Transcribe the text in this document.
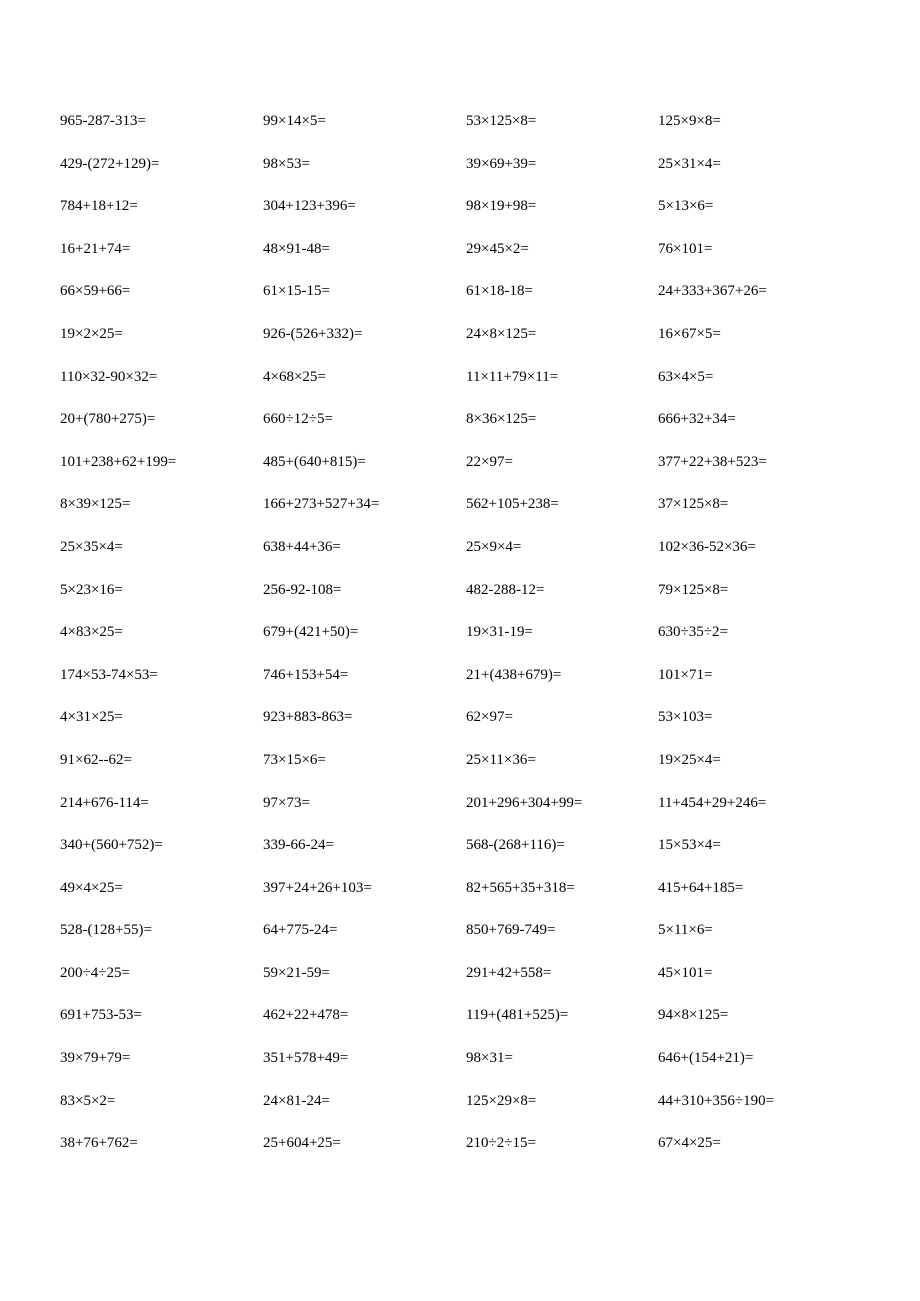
965-287-313=	99×14×5=	53×125×8=	125×9×8=
429-(272+129)=	98×53=	39×69+39=	25×31×4=
784+18+12=	304+123+396=	98×19+98=	5×13×6=
16+21+74=	48×91-48=	29×45×2=	76×101=
66×59+66=	61×15-15=	61×18-18=	24+333+367+26=
19×2×25=	926-(526+332)=	24×8×125=	16×67×5=
110×32-90×32=	4×68×25=	11×11+79×11=	63×4×5=
20+(780+275)=	660÷12÷5=	8×36×125=	666+32+34=
101+238+62+199=	485+(640+815)=	22×97=	377+22+38+523=
8×39×125=	166+273+527+34=	562+105+238=	37×125×8=
25×35×4=	638+44+36=	25×9×4=	102×36-52×36=
5×23×16=	256-92-108=	482-288-12=	79×125×8=
4×83×25=	679+(421+50)=	19×31-19=	630÷35÷2=
174×53-74×53=	746+153+54=	21+(438+679)=	101×71=
4×31×25=	923+883-863=	62×97=	53×103=
91×62--62=	73×15×6=	25×11×36=	19×25×4=
214+676-114=	97×73=	201+296+304+99=	11+454+29+246=
340+(560+752)=	339-66-24=	568-(268+116)=	15×53×4=
49×4×25=	397+24+26+103=	82+565+35+318=	415+64+185=
528-(128+55)=	64+775-24=	850+769-749=	5×11×6=
200÷4÷25=	59×21-59=	291+42+558=	45×101=
691+753-53=	462+22+478=	119+(481+525)=	94×8×125=
39×79+79=	351+578+49=	98×31=	646+(154+21)=
83×5×2=	24×81-24=	125×29×8=	44+310+356÷190=
38+76+762=	25+604+25=	210÷2÷15=	67×4×25=
